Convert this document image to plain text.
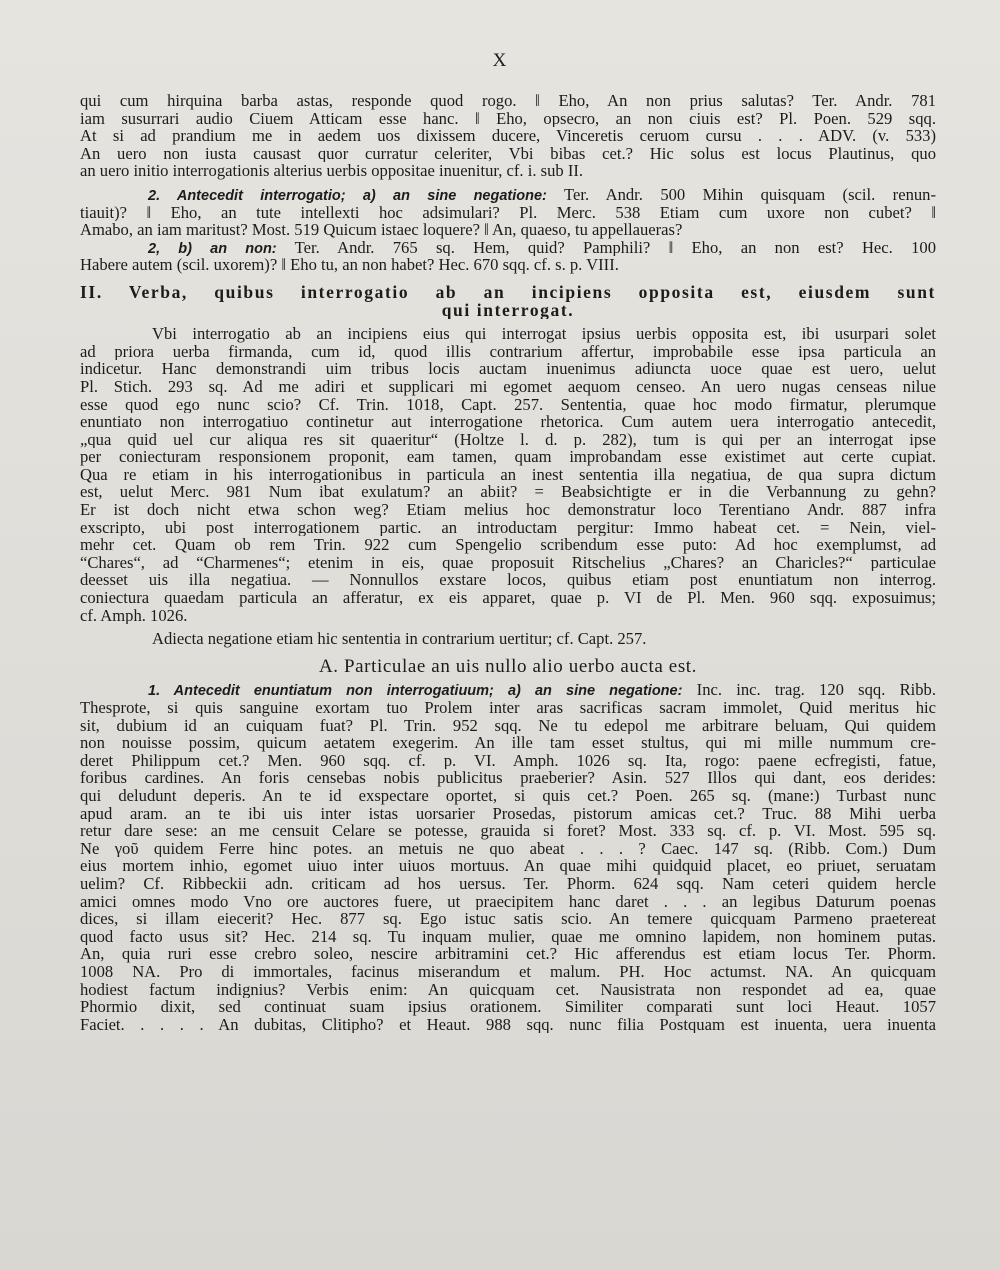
X
qui cum hirquina barba astas, responde quod rogo. ‖ Eho, An non prius salutas? Ter. Andr. 781
iam susurrari audio Ciuem Atticam esse hanc. ‖ Eho, opsecro, an non ciuis est? Pl. Poen. 529 sqq.
At si ad prandium me in aedem uos dixissem ducere, Vinceretis ceruom cursu . . . ADV. (v. 533)
An uero non iusta causast quor curratur celeriter, Vbi bibas cet.? Hic solus est locus Plautinus, quo
an uero initio interrogationis alterius uerbis oppositae inuenitur, cf. i. sub II.
2. Antecedit interrogatio; a) an sine negatione: Ter. Andr. 500 Mihin quisquam (scil. renun-
tiauit)? ‖ Eho, an tute intellexti hoc adsimulari? Pl. Merc. 538 Etiam cum uxore non cubet? ‖
Amabo, an iam maritust? Most. 519 Quicum istaec loquere? ‖ An, quaeso, tu appellaueras?
2, b) an non: Ter. Andr. 765 sq. Hem, quid? Pamphili? ‖ Eho, an non est? Hec. 100
Habere autem (scil. uxorem)? ‖ Eho tu, an non habet? Hec. 670 sqq. cf. s. p. VIII.
II. Verba, quibus interrogatio ab an incipiens opposita est, eiusdem sunt
qui interrogat.
Vbi interrogatio ab an incipiens eius qui interrogat ipsius uerbis opposita est, ibi usurpari solet
ad priora uerba firmanda, cum id, quod illis contrarium affertur, improbabile esse ipsa particula an
indicetur. Hanc demonstrandi uim tribus locis auctam inuenimus adiuncta uoce quae est uero, uelut
Pl. Stich. 293 sq. Ad me adiri et supplicari mi egomet aequom censeo. An uero nugas censeas nilue
esse quod ego nunc scio? Cf. Trin. 1018, Capt. 257. Sententia, quae hoc modo firmatur, plerumque
enuntiato non interrogatiuo continetur aut interrogatione rhetorica. Cum autem uera interrogatio antecedit,
„qua quid uel cur aliqua res sit quaeritur“ (Holtze l. d. p. 282), tum is qui per an interrogat ipse
per coniecturam responsionem proponit, eam tamen, quam improbandam esse existimet aut certe cupiat.
Qua re etiam in his interrogationibus in particula an inest sententia illa negatiua, de qua supra dictum
est, uelut Merc. 981 Num ibat exulatum? an abiit? = Beabsichtigte er in die Verbannung zu gehn?
Er ist doch nicht etwa schon weg? Etiam melius hoc demonstratur loco Terentiano Andr. 887 infra
exscripto, ubi post interrogationem partic. an introductam pergitur: Immo habeat cet. = Nein, viel-
mehr cet. Quam ob rem Trin. 922 cum Spengelio scribendum esse puto: Ad hoc exemplumst, ad
“Chares“, ad “Charmenes“; etenim in eis, quae proposuit Ritschelius „Chares? an Charicles?“ particulae
deesset uis illa negatiua. — Nonnullos exstare locos, quibus etiam post enuntiatum non interrog.
coniectura quaedam particula an afferatur, ex eis apparet, quae p. VI de Pl. Men. 960 sqq. exposuimus;
cf. Amph. 1026.
Adiecta negatione etiam hic sententia in contrarium uertitur; cf. Capt. 257.
A. Particulae an uis nullo alio uerbo aucta est.
1. Antecedit enuntiatum non interrogatiuum; a) an sine negatione: Inc. inc. trag. 120 sqq. Ribb.
Thesprote, si quis sanguine exortam tuo Prolem inter aras sacrificas sacram immolet, Quid meritus hic
sit, dubium id an cuiquam fuat? Pl. Trin. 952 sqq. Ne tu edepol me arbitrare beluam, Qui quidem
non nouisse possim, quicum aetatem exegerim. An ille tam esset stultus, qui mi mille nummum cre-
deret Philippum cet.? Men. 960 sqq. cf. p. VI. Amph. 1026 sq. Ita, rogo: paene ecfregisti, fatue,
foribus cardines. An foris censebas nobis publicitus praeberier? Asin. 527 Illos qui dant, eos derides:
qui deludunt deperis. An te id exspectare oportet, si quis cet.? Poen. 265 sq. (mane:) Turbast nunc
apud aram. an te ibi uis inter istas uorsarier Prosedas, pistorum amicas cet.? Truc. 88 Mihi uerba
retur dare sese: an me censuit Celare se potesse, grauida si foret? Most. 333 sq. cf. p. VI. Most. 595 sq.
Ne γοῦ quidem Ferre hinc potes. an metuis ne quo abeat . . . ? Caec. 147 sq. (Ribb. Com.) Dum
eius mortem inhio, egomet uiuo inter uiuos mortuus. An quae mihi quidquid placet, eo priuet, seruatam
uelim? Cf. Ribbeckii adn. criticam ad hos uersus. Ter. Phorm. 624 sqq. Nam ceteri quidem hercle
amici omnes modo Vno ore auctores fuere, ut praecipitem hanc daret . . . an legibus Daturum poenas
dices, si illam eiecerit? Hec. 877 sq. Ego istuc satis scio. An temere quicquam Parmeno praetereat
quod facto usus sit? Hec. 214 sq. Tu inquam mulier, quae me omnino lapidem, non hominem putas.
An, quia ruri esse crebro soleo, nescire arbitramini cet.? Hic afferendus est etiam locus Ter. Phorm.
1008 NA. Pro di immortales, facinus miserandum et malum. PH. Hoc actumst. NA. An quicquam
hodiest factum indignius? Verbis enim: An quicquam cet. Nausistrata non respondet ad ea, quae
Phormio dixit, sed continuat suam ipsius orationem. Similiter comparati sunt loci Heaut. 1057
Faciet. . . . . An dubitas, Clitipho? et Heaut. 988 sqq. nunc filia Postquam est inuenta, uera inuenta
